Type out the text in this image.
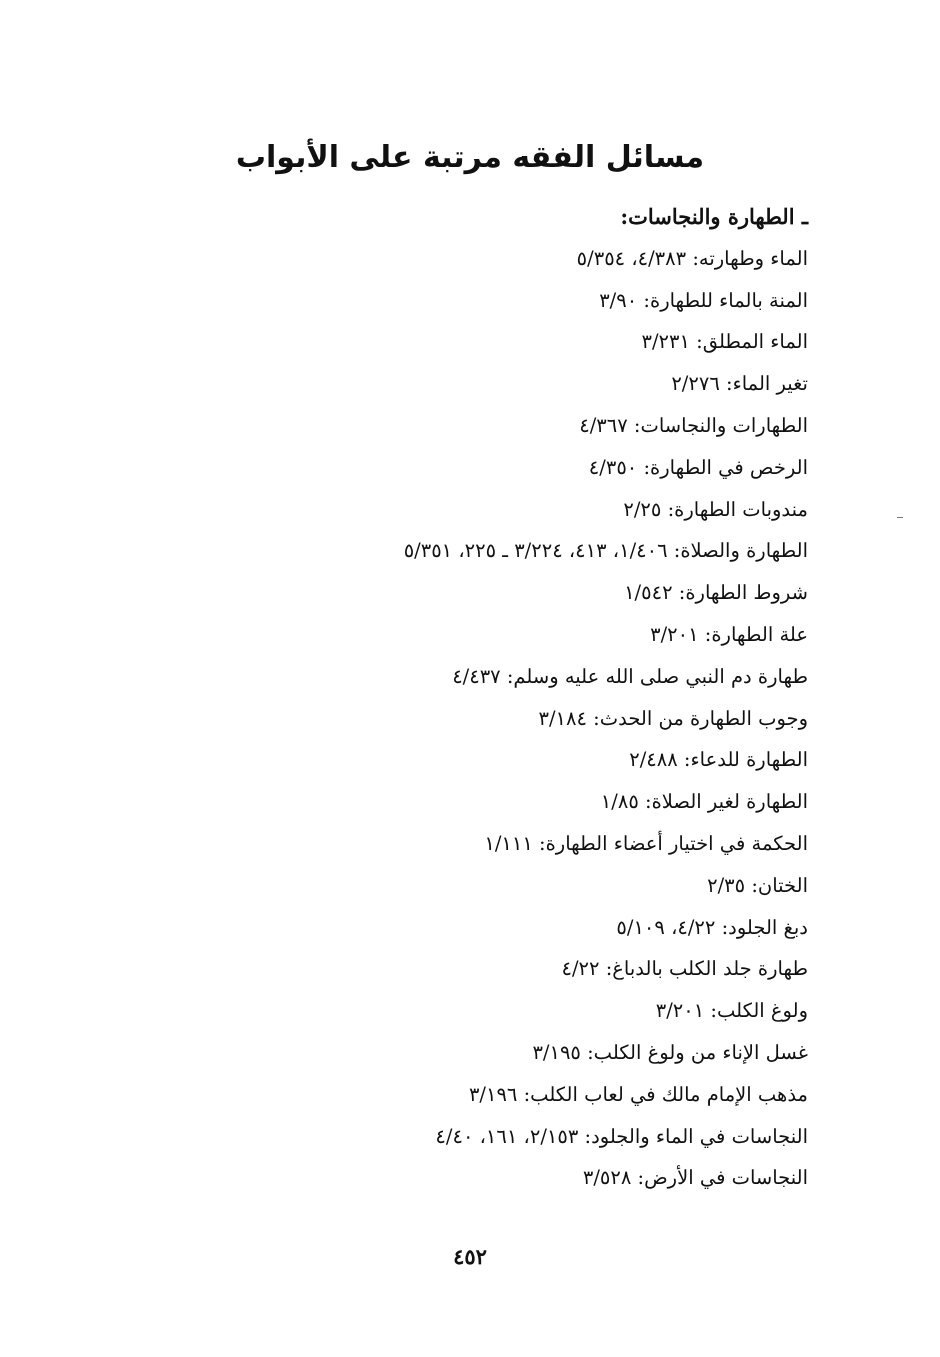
مسائل الفقه مرتبة على الأبواب
ـ الطهارة والنجاسات:
الماء وطهارته: ٤/٣٨٣، ٥/٣٥٤
المنة بالماء للطهارة: ٣/٩٠
الماء المطلق: ٣/٢٣١
تغير الماء: ٢/٢٧٦
الطهارات والنجاسات: ٤/٣٦٧
الرخص في الطهارة: ٤/٣٥٠
مندوبات الطهارة: ٢/٢٥
الطهارة والصلاة: ١/٤٠٦، ٤١٣، ٣/٢٢٤ ـ ٢٢٥، ٥/٣٥١
شروط الطهارة: ١/٥٤٢
علة الطهارة: ٣/٢٠١
طهارة دم النبي صلى الله عليه وسلم: ٤/٤٣٧
وجوب الطهارة من الحدث: ٣/١٨٤
الطهارة للدعاء: ٢/٤٨٨
الطهارة لغير الصلاة: ١/٨٥
الحكمة في اختيار أعضاء الطهارة: ١/١١١
الختان: ٢/٣٥
دبغ الجلود: ٤/٢٢، ٥/١٠٩
طهارة جلد الكلب بالدباغ: ٤/٢٢
ولوغ الكلب: ٣/٢٠١
غسل الإناء من ولوغ الكلب: ٣/١٩٥
مذهب الإمام مالك في لعاب الكلب: ٣/١٩٦
النجاسات في الماء والجلود: ٢/١٥٣، ١٦١، ٤/٤٠
النجاسات في الأرض: ٣/٥٢٨
٤٥٢
